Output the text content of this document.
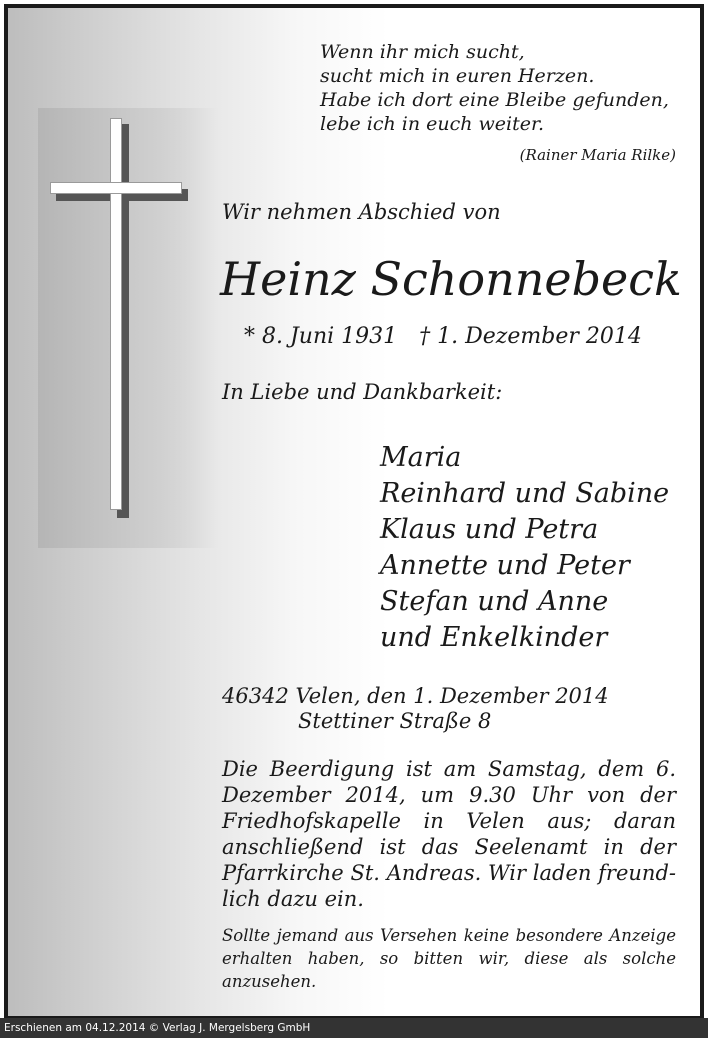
Wenn ihr mich sucht,
sucht mich in euren Herzen.
Habe ich dort eine Bleibe gefunden,
lebe ich in euch weiter.
(Rainer Maria Rilke)
Wir nehmen Abschied von
Heinz Schonnebeck
* 8. Juni 1931 † 1. Dezember 2014
In Liebe und Dankbarkeit:
Maria
Reinhard und Sabine
Klaus und Petra
Annette und Peter
Stefan und Anne
und Enkelkinder
46342 Velen, den 1. Dezember 2014
Stettiner Straße 8
Die Beerdigung ist am Samstag, dem 6. Dezember 2014, um 9.30 Uhr von der Friedhofskapelle in Velen aus; daran anschließend ist das Seelenamt in der Pfarrkirche St. Andreas. Wir laden freundlich dazu ein.
Sollte jemand aus Versehen keine besondere Anzeige erhalten haben, so bitten wir, diese als solche anzusehen.
Erschienen am 04.12.2014 © Verlag J. Mergelsberg GmbH
